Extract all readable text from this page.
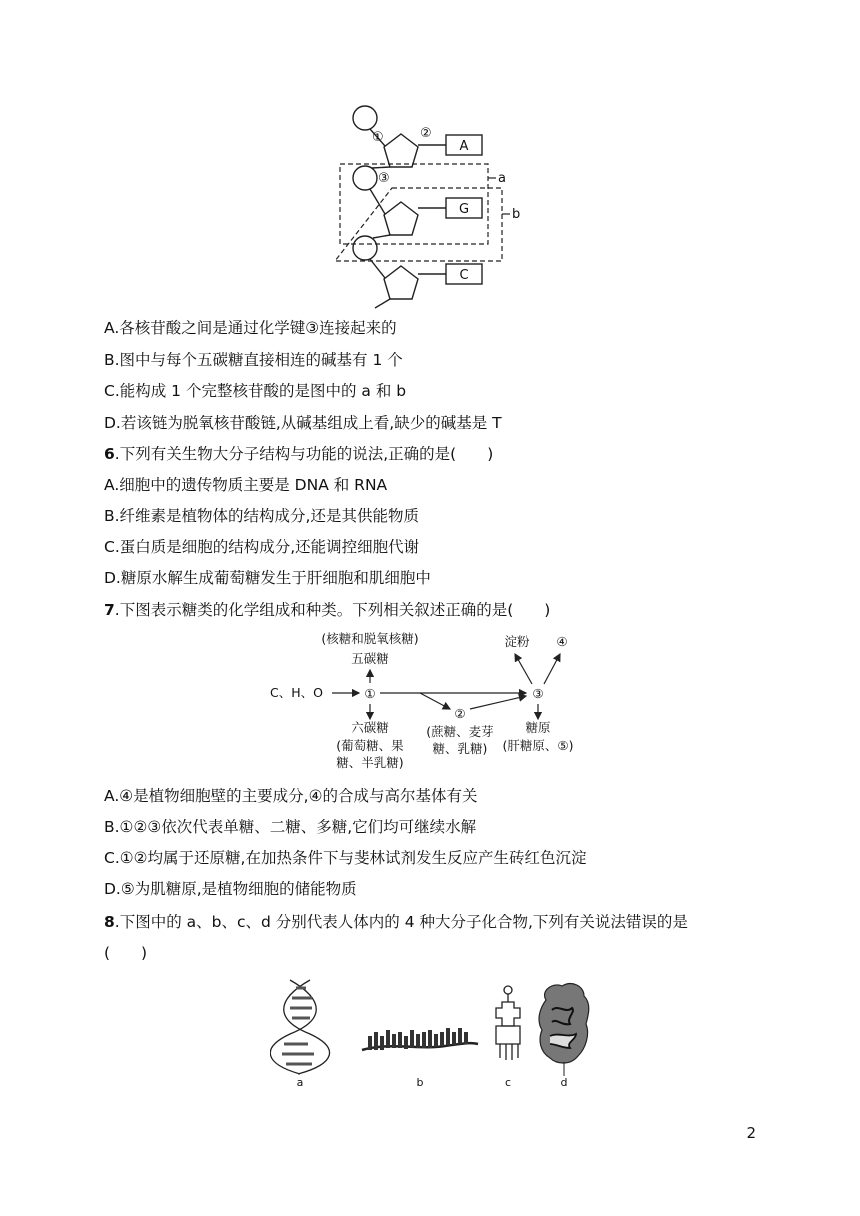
①	②
③	a
b
A
G
C
A.各核苷酸之间是通过化学键③连接起来的
B.图中与每个五碳糖直接相连的碱基有 1 个
C.能构成 1 个完整核苷酸的是图中的 a 和 b
D.若该链为脱氧核苷酸链,从碱基组成上看,缺少的碱基是 T
6.下列有关生物大分子结构与功能的说法,正确的是(　　)
A.细胞中的遗传物质主要是 DNA 和 RNA
B.纤维素是植物体的结构成分,还是其供能物质
C.蛋白质是细胞的结构成分,还能调控细胞代谢
D.糖原水解生成葡萄糖发生于肝细胞和肌细胞中
7.下图表示糖类的化学组成和种类。下列相关叙述正确的是(　　)
(核糖和脱氧核糖)
五碳糖
C、H、O	①
②
③
淀粉 ④
六碳糖
(葡萄糖、果
糖、半乳糖)
(蔗糖、麦芽
糖、乳糖)
糖原
(肝糖原、⑤)
A.④是植物细胞壁的主要成分,④的合成与高尔基体有关
B.①②③依次代表单糖、二糖、多糖,它们均可继续水解
C.①②均属于还原糖,在加热条件下与斐林试剂发生反应产生砖红色沉淀
D.⑤为肌糖原,是植物细胞的储能物质
8.下图中的 a、b、c、d 分别代表人体内的 4 种大分子化合物,下列有关说法错误的是
(　　)
a	b	c	d
2
